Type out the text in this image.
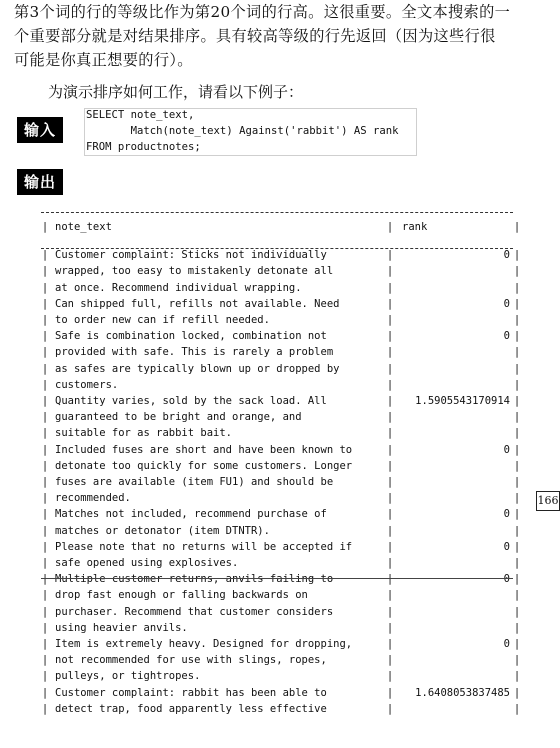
第3个词的行的等级比作为第20个词的行高。这很重要。全文本搜索的一
个重要部分就是对结果排序。具有较高等级的行先返回（因为这些行很
可能是你真正想要的行）。

为演示排序如何工作，请看以下例子：

输入
SELECT note_text,
Match(note_text) Against('rabbit') AS rank
FROM productnotes;
输出
| note_text	| rank	|
|
|
|
Customer complaint: Sticks not individually
wrapped, too easy to mistakenly detonate all
at once. Recommend individual wrapping.
|
|
|
0 |
|
|
|
|
Can shipped full, refills not available. Need
to order new can if refill needed.
|
|
0 |
|
|
|
|
|
Safe is combination locked, combination not
provided with safe. This is rarely a problem
as safes are typically blown up or dropped by
customers.
|
|
|
|
0 |
|
|
|
|
|
|
Quantity varies, sold by the sack load. All
guaranteed to be bright and orange, and
suitable for as rabbit bait.
|
|
|
1.5905543170914 |
|
|
|
|
|
|
Included fuses are short and have been known to
detonate too quickly for some customers. Longer
fuses are available (item FU1) and should be
recommended.
|
|
|
|
0 |
|
|
|
|
|
Matches not included, recommend purchase of
matches or detonator (item DTNTR).
|
|
0 |
|
|
|
Please note that no returns will be accepted if
safe opened using explosives.
|
|
0 |
|
|
|
|
|
Multiple customer returns, anvils failing to
drop fast enough or falling backwards on
purchaser. Recommend that customer considers
using heavier anvils.
|
|
|
|
0 |
|
|
|
|
|
|
Item is extremely heavy. Designed for dropping,
not recommended for use with slings, ropes,
pulleys, or tightropes.
|
|
|
0 |
|
|
|
|
Customer complaint: rabbit has been able to
detect trap, food apparently less effective
|
|
1.6408053837485 |
|
166
